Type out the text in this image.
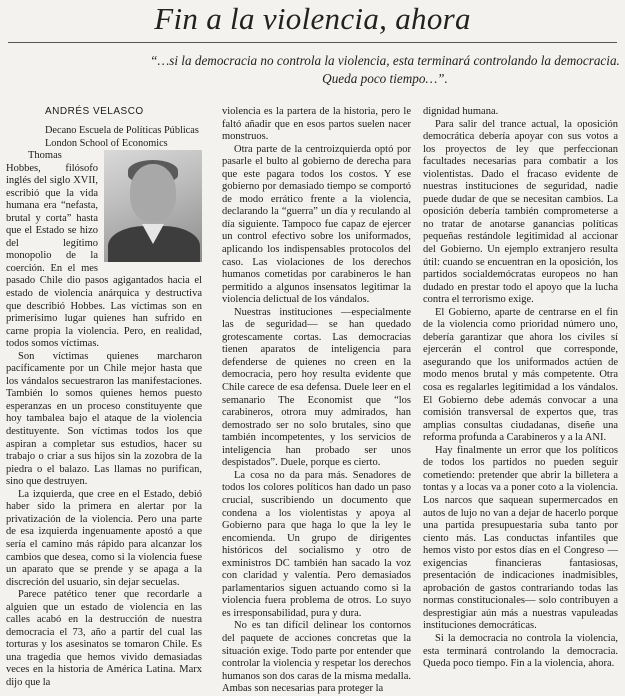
Fin a la violencia, ahora
“…si la democracia no controla la violencia, esta terminará controlando la democracia. Queda poco tiempo…”.
ANDRÉS VELASCO
Decano Escuela de Políticas Públicas London School of Economics

Thomas Hobbes, filósofo inglés del siglo XVII, escribió que la vida humana era “nefasta, brutal y corta” hasta que el Estado se hizo del legítimo monopolio de la coerción. En el mes pasado Chile dio pasos agigantados hacia el estado de violencia anárquica y destructiva que describió Hobbes. Las víctimas son en primerísimo lugar quienes han sufrido en carne propia la violencia. Pero, en realidad, todos somos víctimas.

Son víctimas quienes marcharon pacíficamente por un Chile mejor hasta que los vándalos secuestraron las manifestaciones. También lo somos quienes hemos puesto esperanzas en un proceso constituyente que hoy tambalea bajo el ataque de la violencia destituyente. Son víctimas todos los que aspiran a completar sus estudios, hacer su trabajo o criar a sus hijos sin la zozobra de la piedra o el balazo. Las llamas no purifican, sino que destruyen.

La izquierda, que cree en el Estado, debió haber sido la primera en alertar por la privatización de la violencia. Pero una parte de esa izquierda ingenuamente apostó a que sería el camino más rápido para alcanzar los cambios que desea, como si la violencia fuese un aparato que se prende y se apaga a la discreción del usuario, sin dejar secuelas.

Parece patético tener que recordarle a alguien que un estado de violencia en las calles acabó en la destrucción de nuestra democracia el 73, año a partir del cual las torturas y los asesinatos se tomaron Chile. Es una tragedia que hemos vivido demasiadas veces en la historia de América Latina. Marx dijo que la

violencia es la partera de la historia, pero le faltó añadir que en esos partos suelen nacer monstruos.

Otra parte de la centroizquierda optó por pasarle el bulto al gobierno de derecha para que este pagara todos los costos. Y ese gobierno por demasiado tiempo se comportó de modo errático frente a la violencia, declarando la “guerra” un día y reculando al día siguiente. Tampoco fue capaz de ejercer un control efectivo sobre los uniformados, aplicando los indispensables protocolos del caso. Las violaciones de los derechos humanos cometidas por carabineros le han permitido a algunos insensatos legitimar la violencia delictual de los vándalos.

Nuestras instituciones —especialmente las de seguridad— se han quedado grotescamente cortas. Las democracias tienen aparatos de inteligencia para defenderse de quienes no creen en la democracia, pero hoy resulta evidente que Chile carece de esa defensa. Duele leer en el semanario The Economist que “los carabineros, otrora muy admirados, han demostrado ser no solo brutales, sino que también incompetentes, y los servicios de inteligencia han probado ser unos despistados”. Duele, porque es cierto.

La cosa no da para más. Senadores de todos los colores políticos han dado un paso crucial, suscribiendo un documento que condena a los violentistas y apoya al Gobierno para que haga lo que la ley le encomienda. Un grupo de dirigentes históricos del socialismo y otro de exministros DC también han sacado la voz con claridad y valentía. Pero demasiados parlamentarios siguen actuando como si la violencia fuera problema de otros. Lo suyo es irresponsabilidad, pura y dura.

No es tan difícil delinear los contornos del paquete de acciones concretas que la situación exige. Todo parte por entender que controlar la violencia y respetar los derechos humanos son dos caras de la misma medalla. Ambas son necesarias para proteger la

dignidad humana.

Para salir del trance actual, la oposición democrática debería apoyar con sus votos a los proyectos de ley que perfeccionan facultades necesarias para combatir a los violentistas. Dado el fracaso evidente de nuestras instituciones de seguridad, nadie puede dudar de que se necesitan cambios. La oposición debería también comprometerse a no tratar de anotarse ganancias políticas pequeñas restándole legitimidad al accionar del Gobierno. Un ejemplo extranjero resulta útil: cuando se encuentran en la oposición, los partidos socialdemócratas europeos no han dudado en prestar todo el apoyo que la lucha contra el terrorismo exige.

El Gobierno, aparte de centrarse en el fin de la violencia como prioridad número uno, debería garantizar que ahora los civiles sí ejercerán el control que corresponde, asegurando que los uniformados actúen de modo menos brutal y más competente. Otra cosa es regalarles legitimidad a los vándalos. El Gobierno debe además convocar a una comisión transversal de expertos que, tras amplias consultas ciudadanas, diseñe una reforma profunda a Carabineros y a la ANI.

Hay finalmente un error que los políticos de todos los partidos no pueden seguir cometiendo: pretender que abrir la billetera a tontas y a locas va a poner coto a la violencia. Los narcos que saquean supermercados en autos de lujo no van a dejar de hacerlo porque una partida presupuestaria suba tanto por ciento más. Las conductas infantiles que hemos visto por estos días en el Congreso —exigencias financieras fantasiosas, presentación de indicaciones inadmisibles, aprobación de gastos contrariando todas las normas constitucionales— solo contribuyen a desprestigiar aún más a nuestras vapuleadas instituciones democráticas.

Si la democracia no controla la violencia, esta terminará controlando la democracia. Queda poco tiempo. Fin a la violencia, ahora.
